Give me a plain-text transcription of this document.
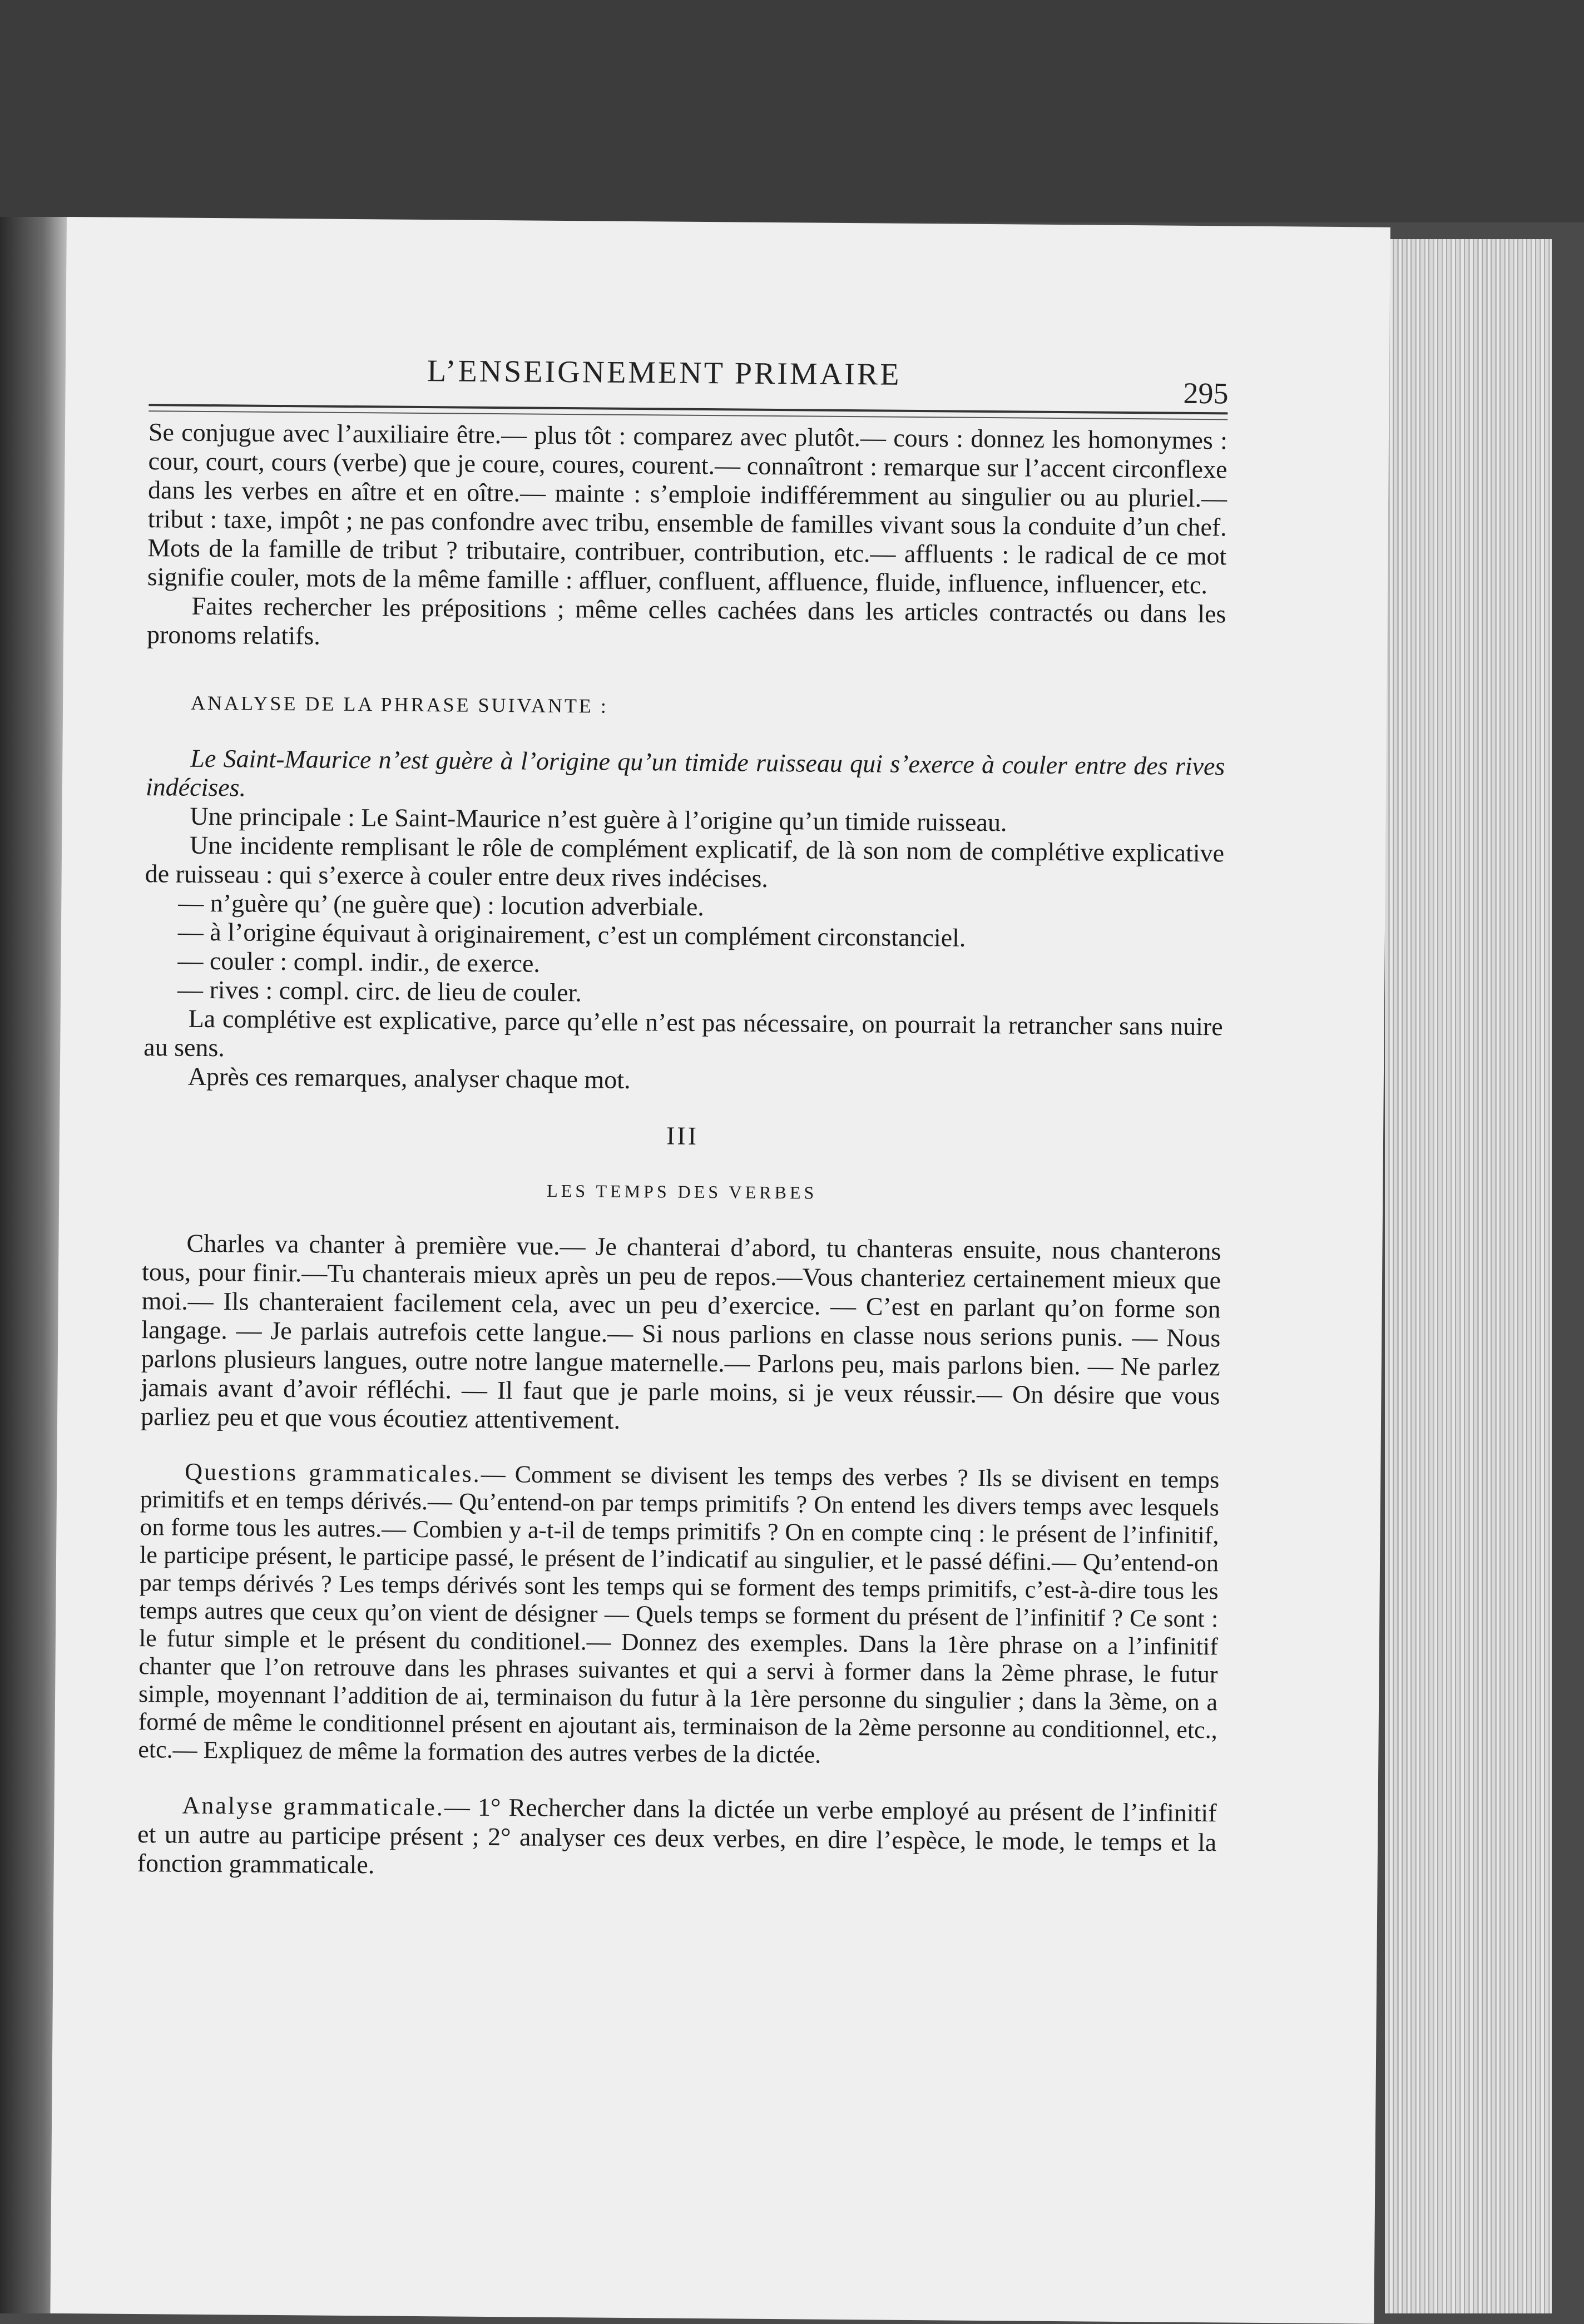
L’ENSEIGNEMENT PRIMAIRE
295

Se conjugue avec l’auxiliaire être.— plus tôt : comparez avec plutôt.— cours : donnez les homonymes : cour, court, cours (verbe) que je coure, coures, courent.— connaîtront : remarque sur l’accent circonflexe dans les verbes en aître et en oître.— mainte : s’emploie indifféremment au singulier ou au pluriel.— tribut : taxe, impôt ; ne pas confondre avec tribu, ensemble de familles vivant sous la conduite d’un chef. Mots de la famille de tribut ? tributaire, contribuer, contribution, etc.— affluents : le radical de ce mot signifie couler, mots de la même famille : affluer, confluent, affluence, fluide, influence, influencer, etc.

Faites rechercher les prépositions ; même celles cachées dans les articles contractés ou dans les pronoms relatifs.

ANALYSE DE LA PHRASE SUIVANTE :

Le Saint-Maurice n’est guère à l’origine qu’un timide ruisseau qui s’exerce à couler entre des rives indécises.

Une principale : Le Saint-Maurice n’est guère à l’origine qu’un timide ruisseau.

Une incidente remplisant le rôle de complément explicatif, de là son nom de complétive explicative de ruisseau : qui s’exerce à couler entre deux rives indécises.

— n’guère qu’ (ne guère que) : locution adverbiale.

— à l’origine équivaut à originairement, c’est un complément circonstanciel.

— couler : compl. indir., de exerce.

— rives : compl. circ. de lieu de couler.

La complétive est explicative, parce qu’elle n’est pas nécessaire, on pourrait la retrancher sans nuire au sens.

Après ces remarques, analyser chaque mot.

III

LES TEMPS DES VERBES

Charles va chanter à première vue.— Je chanterai d’abord, tu chanteras ensuite, nous chanterons tous, pour finir.—Tu chanterais mieux après un peu de repos.—Vous chanteriez certainement mieux que moi.— Ils chanteraient facilement cela, avec un peu d’exercice. — C’est en parlant qu’on forme son langage. — Je parlais autrefois cette langue.— Si nous parlions en classe nous serions punis. — Nous parlons plusieurs langues, outre notre langue maternelle.— Parlons peu, mais parlons bien. — Ne parlez jamais avant d’avoir réfléchi. — Il faut que je parle moins, si je veux réussir.— On désire que vous parliez peu et que vous écoutiez attentivement.

Questions grammaticales.— Comment se divisent les temps des verbes ? Ils se divisent en temps primitifs et en temps dérivés.— Qu’entend-on par temps primitifs ? On entend les divers temps avec lesquels on forme tous les autres.— Combien y a-t-il de temps primitifs ? On en compte cinq : le présent de l’infinitif, le participe présent, le participe passé, le présent de l’indicatif au singulier, et le passé défini.— Qu’entend-on par temps dérivés ? Les temps dérivés sont les temps qui se forment des temps primitifs, c’est-à-dire tous les temps autres que ceux qu’on vient de désigner — Quels temps se forment du présent de l’infinitif ? Ce sont : le futur simple et le présent du conditionel.— Donnez des exemples. Dans la 1ère phrase on a l’infinitif chanter que l’on retrouve dans les phrases suivantes et qui a servi à former dans la 2ème phrase, le futur simple, moyennant l’addition de ai, terminaison du futur à la 1ère personne du singulier ; dans la 3ème, on a formé de même le conditionnel présent en ajoutant ais, terminaison de la 2ème personne au conditionnel, etc., etc.— Expliquez de même la formation des autres verbes de la dictée.

Analyse grammaticale.— 1° Rechercher dans la dictée un verbe employé au présent de l’infinitif et un autre au participe présent ; 2° analyser ces deux verbes, en dire l’espèce, le mode, le temps et la fonction grammaticale.
